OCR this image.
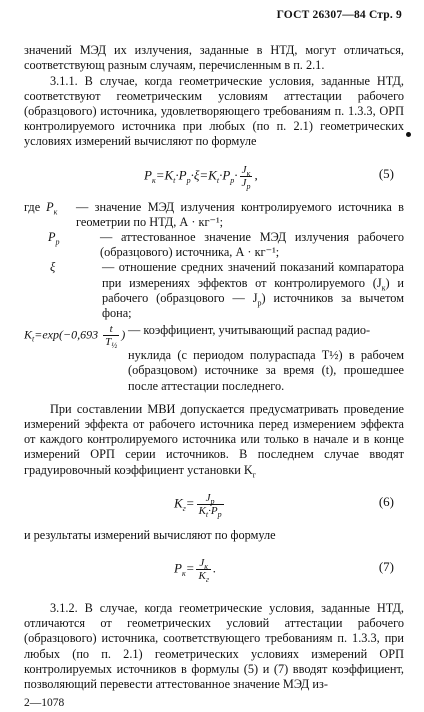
ГОСТ 26307—84 Стр. 9

значений МЭД их излучения, заданные в НТД, могут отличаться, соответствующ разным случаям, перечисленным в п. 2.1.

3.1.1. В случае, когда геометрические условия, заданные НТД, соответствуют геометрическим условиям аттестации рабочего (образцового) источника, удовлетворяющего требованиям п. 1.3.3, ОРП контролируемого источника при любых (по п. 2.1) геометрических условиях измерений вычисляют по формуле

$P_к=K_t\cdot P_р\cdot\xi=K_t\cdot P_р\cdot \frac{J_к}{J_р}$ ,	(5)
где $P_к$	— значение МЭД излучения контролируемого источника в геометрии по НТД, А · кг⁻¹;
$P_р$	— аттестованное значение МЭД излучения рабочего (образцового) источника, А · кг⁻¹;
ξ	— отношение средних значений показаний компаратора при измерениях эффектов от контролируемого $(J_к)$ и рабочего (образцового — $J_р$) источников за вычетом фона;
$K_t=\exp(-0,693 \frac{t}{T_{\frac{1}{2}}}$ ) — коэффициент, учитывающий распад радио-
нуклида (с периодом полураспада T½) в рабочем (образцовом) источнике за время (t), прошедшее после аттестации последнего.

При составлении МВИ допускается предусматривать проведение измерений эффекта от рабочего источника перед измерением эффекта от каждого контролируемого источника или только в начале и в конце измерений ОРП серии источников. В последнем случае вводят градуировочный коэффициент установки $K_г$

$K_г= \frac{J_р}{K_t\cdot P_р}$	(6)

и результаты измерений вычисляют по формуле

$P_к= \frac{J_к}{K_г}$ .	(7)

3.1.2. В случае, когда геометрические условия, заданные НТД, отличаются от геометрических условий аттестации рабочего (образцового) источника, соответствующего требованиям п. 1.3.3, при любых (по п. 2.1) геометрических условиях измерений ОРП контролируемых источников в формулы (5) и (7) вводят коэффициент, позволяющий перевести аттестованное значение МЭД из-

2—1078
